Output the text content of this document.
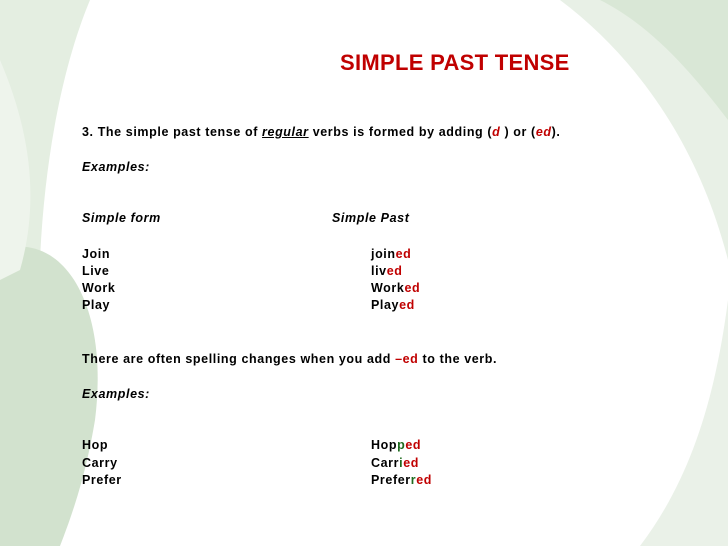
SIMPLE PAST TENSE
3. The simple past tense of regular verbs is formed by adding (d ) or (ed).
Examples:
Simple form	Simple Past
Join	joined
Live	lived
Work	Worked
Play	Played
There are often spelling changes when you add –ed to the verb.
Examples:
Hop	Hopped
Carry	Carried
Prefer	Preferred
